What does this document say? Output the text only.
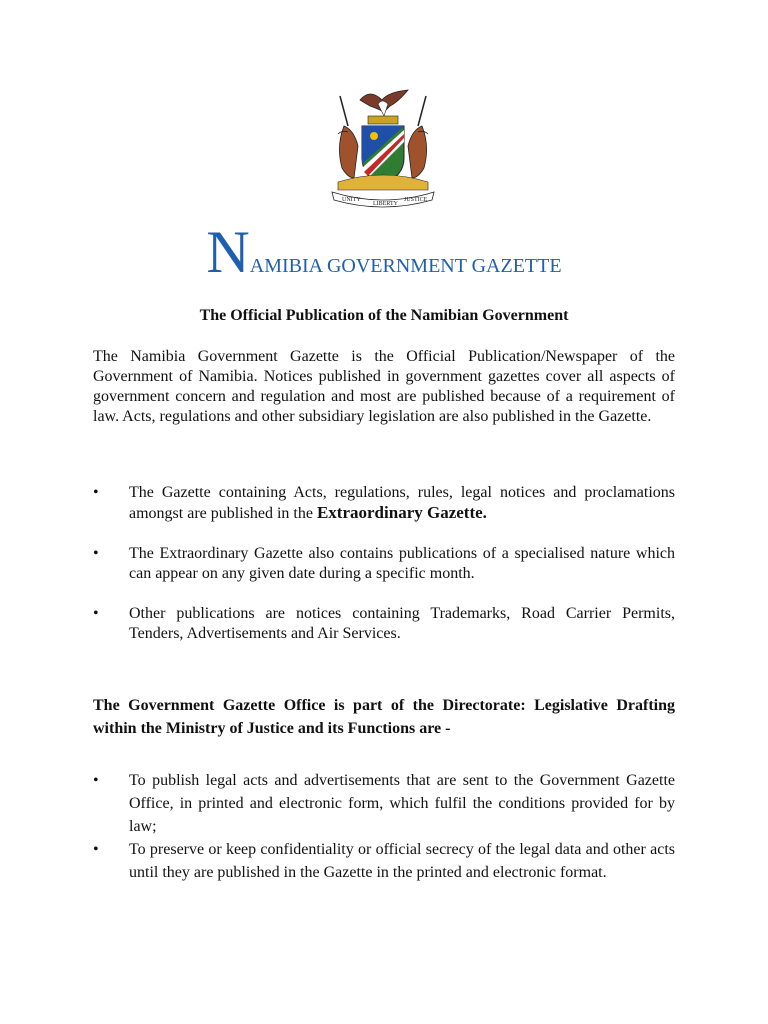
UNITY
LIBERTY
JUSTICE
NAMIBIA GOVERNMENT GAZETTE
The Official Publication of the Namibian Government

The Namibia Government Gazette is the Official Publication/Newspaper of the Government of Namibia. Notices published in government gazettes cover all aspects of government concern and regulation and most are published because of a requirement of law. Acts, regulations and other subsidiary legislation are also published in the Gazette.

• The Gazette containing Acts, regulations, rules, legal notices and proclamations amongst are published in the Extraordinary Gazette.
• The Extraordinary Gazette also contains publications of a specialised nature which can appear on any given date during a specific month.
• Other publications are notices containing Trademarks, Road Carrier Permits, Tenders, Advertisements and Air Services.

The Government Gazette Office is part of the Directorate: Legislative Drafting within the Ministry of Justice and its Functions are -

• To publish legal acts and advertisements that are sent to the Government Gazette Office, in printed and electronic form, which fulfil the conditions provided for by law;
• To preserve or keep confidentiality or official secrecy of the legal data and other acts until they are published in the Gazette in the printed and electronic format.
